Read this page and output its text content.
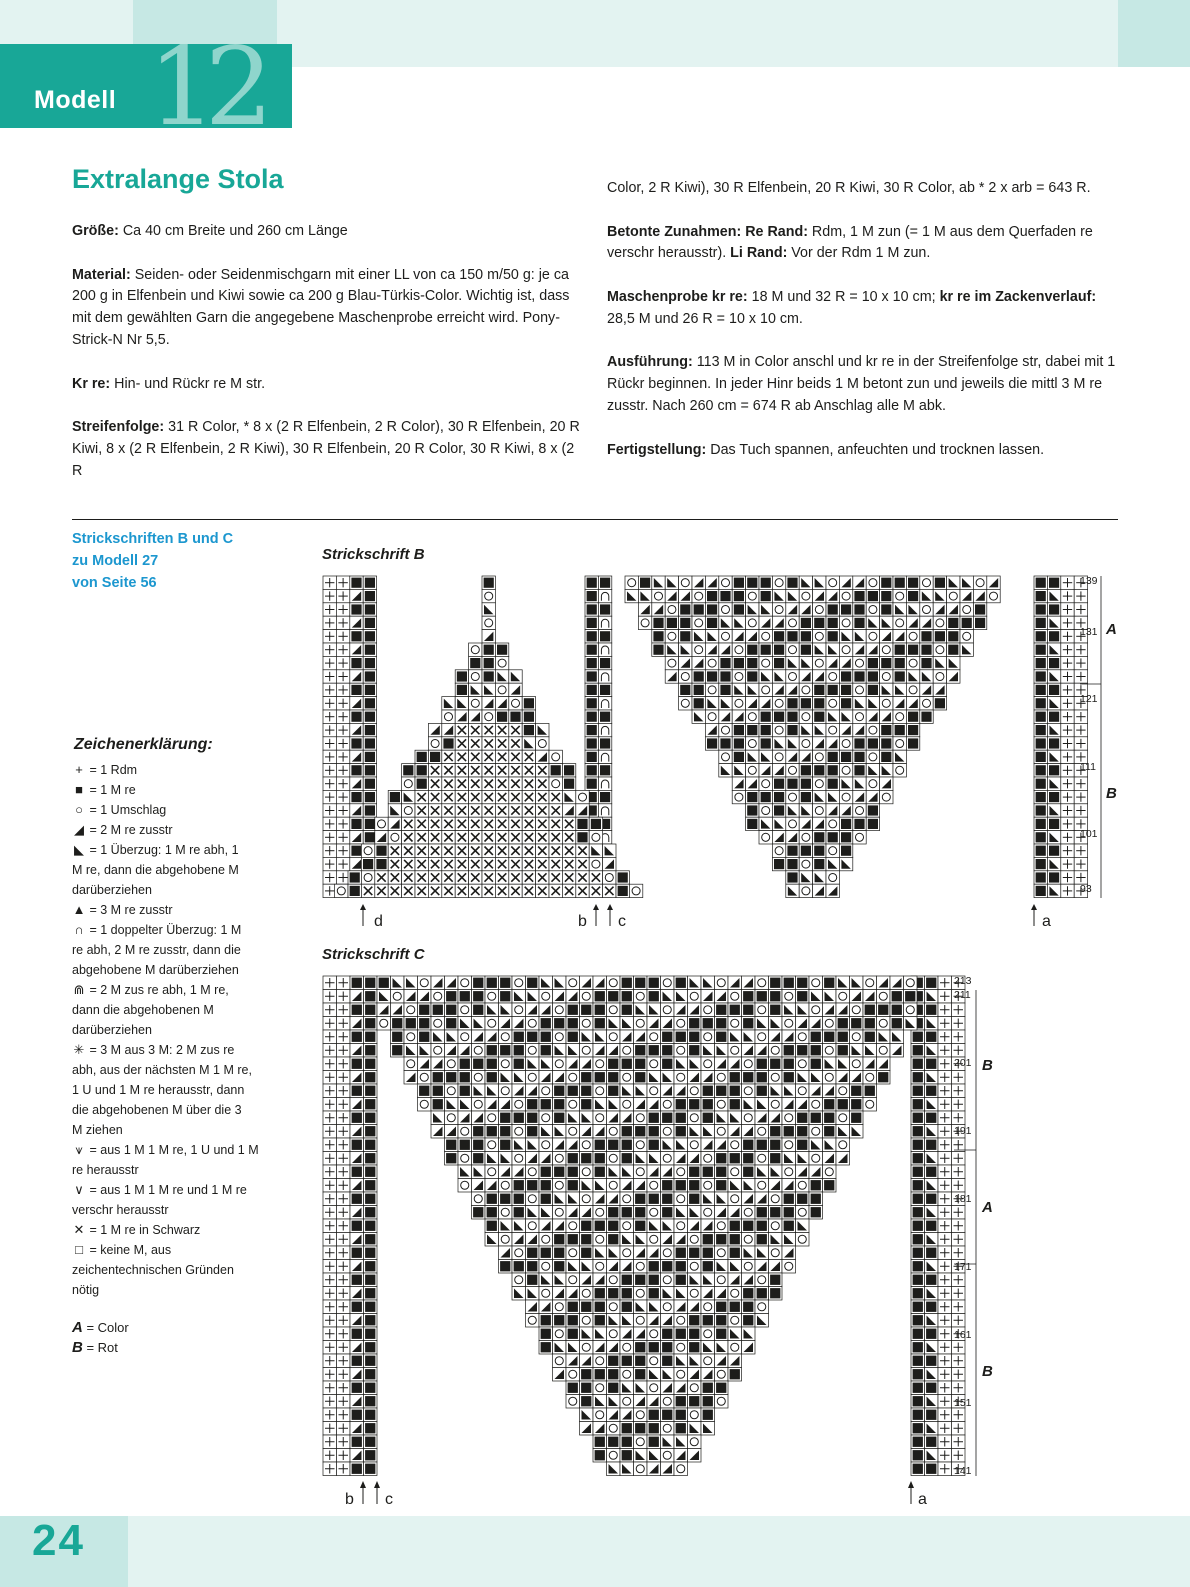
Modell 12
Extralange Stola

Größe: Ca 40 cm Breite und 260 cm Länge

Material: Seiden- oder Seidenmischgarn mit einer LL von ca 150 m/50 g: je ca 200 g in Elfenbein und Kiwi sowie ca 200 g Blau-Türkis-Color. Wichtig ist, dass mit dem gewählten Garn die angegebene Maschenprobe erreicht wird. Pony-Strick-N Nr 5,5.

Kr re: Hin- und Rückr re M str.

Streifenfolge: 31 R Color, * 8 x (2 R Elfenbein, 2 R Color), 30 R Elfenbein, 20 R Kiwi, 8 x (2 R Elfenbein, 2 R Kiwi), 30 R Elfenbein, 20 R Color, 30 R Kiwi, 8 x (2 R

Color, 2 R Kiwi), 30 R Elfenbein, 20 R Kiwi, 30 R Color, ab * 2 x arb = 643 R.

Betonte Zunahmen: Re Rand: Rdm, 1 M zun (= 1 M aus dem Querfaden re verschr herausstr). Li Rand: Vor der Rdm 1 M zun.

Maschenprobe kr re: 18 M und 32 R = 10 x 10 cm; kr re im Zackenverlauf: 28,5 M und 26 R = 10 x 10 cm.

Ausführung: 113 M in Color anschl und kr re in der Streifenfolge str, dabei mit 1 Rückr beginnen. In jeder Hinr beids 1 M betont zun und jeweils die mittl 3 M re zusstr. Nach 260 cm = 674 R ab Anschlag alle M abk.

Fertigstellung: Das Tuch spannen, anfeuchten und trocknen lassen.

Strickschriften B und C
zu Modell 27
von Seite 56
Zeichenerklärung:
+ = 1 Rdm
■ = 1 M re
○ = 1 Umschlag
◢ = 2 M re zusstr
◣ = 1 Überzug: 1 M re abh, 1
M re, dann die abgehobene M
darüberziehen
▲ = 3 M re zusstr
∩ = 1 doppelter Überzug: 1 M
re abh, 2 M re zusstr, dann die
abgehobene M darüberziehen
⋒ = 2 M zus re abh, 1 M re,
dann die abgehobenen M
darüberziehen
✳ = 3 M aus 3 M: 2 M zus re
abh, aus der nächsten M 1 M re,
1 U und 1 M re herausstr, dann
die abgehobenen M über die 3
M ziehen
⩛ = aus 1 M 1 M re, 1 U und 1 M
re herausstr
∨ = aus 1 M 1 M re und 1 M re
verschr herausstr
✕ = 1 M re in Schwarz
□ = keine M, aus
zeichentechnischen Gründen
nötig
A = Color
B = Rot
Strickschrift B
Strickschrift C
139
131
121
111
101
93
A
B
d	b c	a
213
211
201
191
181
171
161
151
141
B
A
B
b c	a
24
